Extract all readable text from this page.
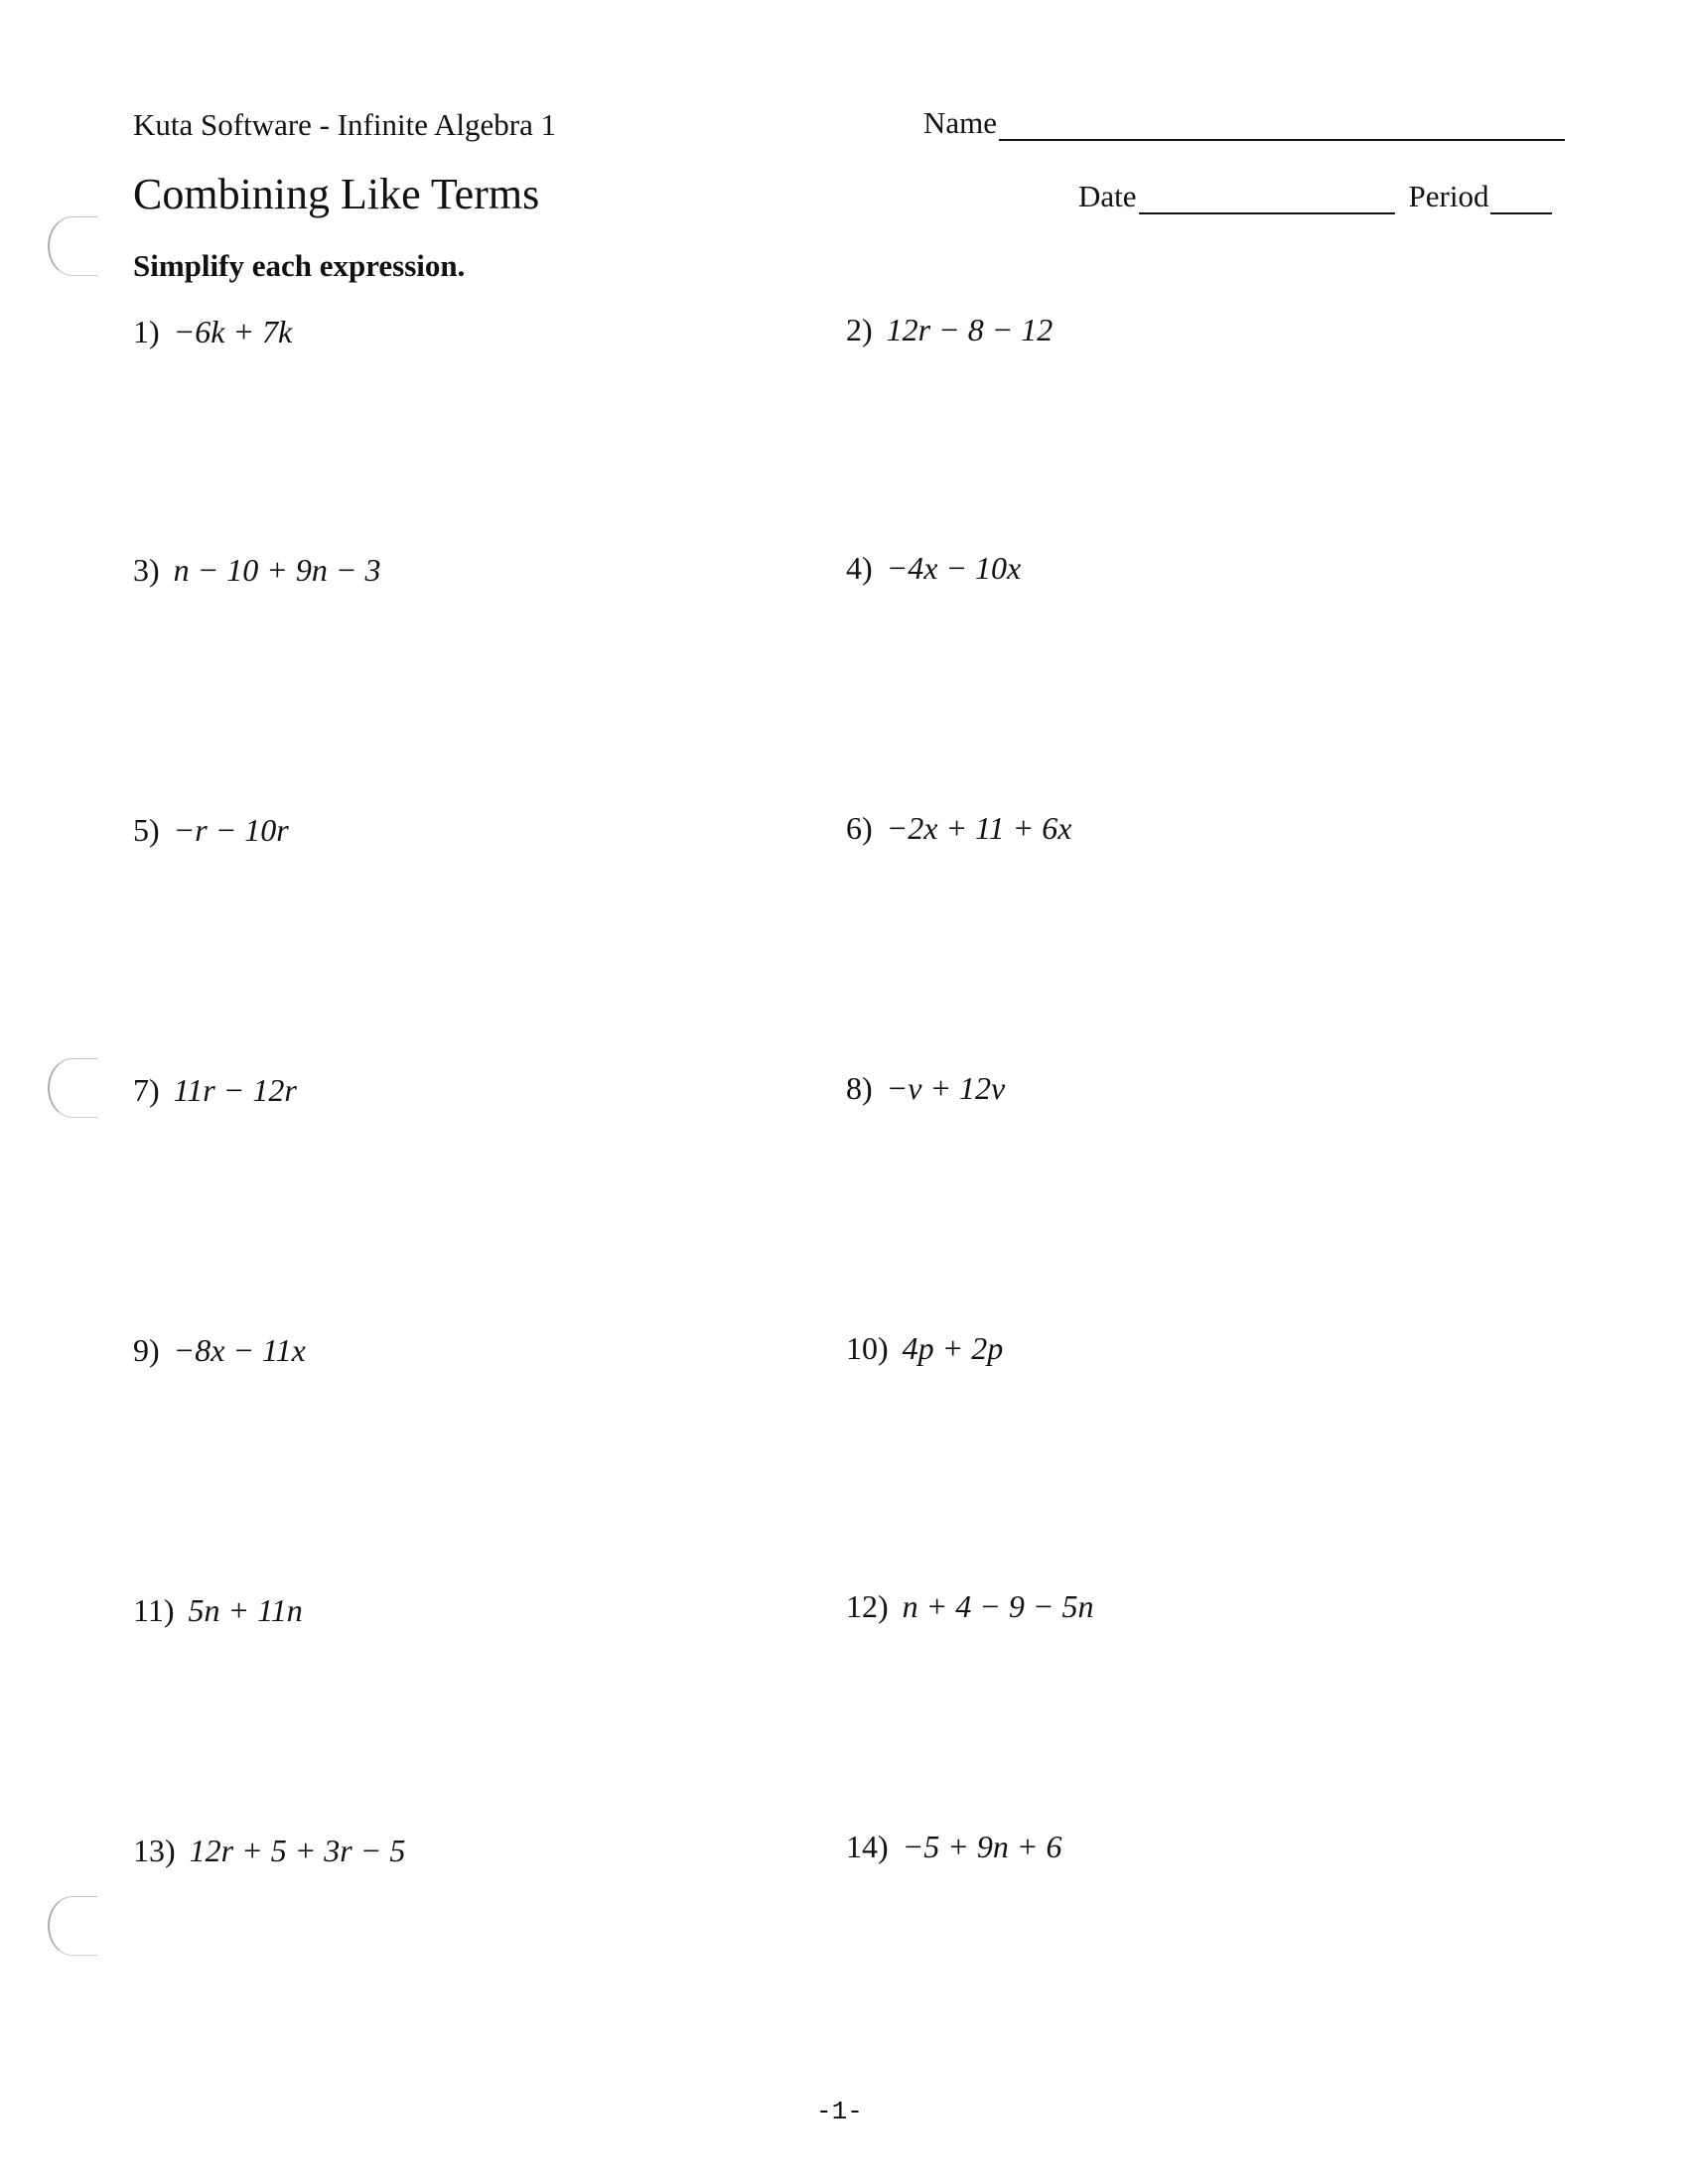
Kuta Software - Infinite Algebra 1	Name
Combining Like Terms	Date	Period
Simplify each expression.
1) −6k + 7k	2) 12r − 8 − 12
3) n − 10 + 9n − 3	4) −4x − 10x
5) −r − 10r	6) −2x + 11 + 6x
7) 11r − 12r	8) −v + 12v
9) −8x − 11x	10) 4p + 2p
11) 5n + 11n	12) n + 4 − 9 − 5n
13) 12r + 5 + 3r − 5	14) −5 + 9n + 6
-1-
